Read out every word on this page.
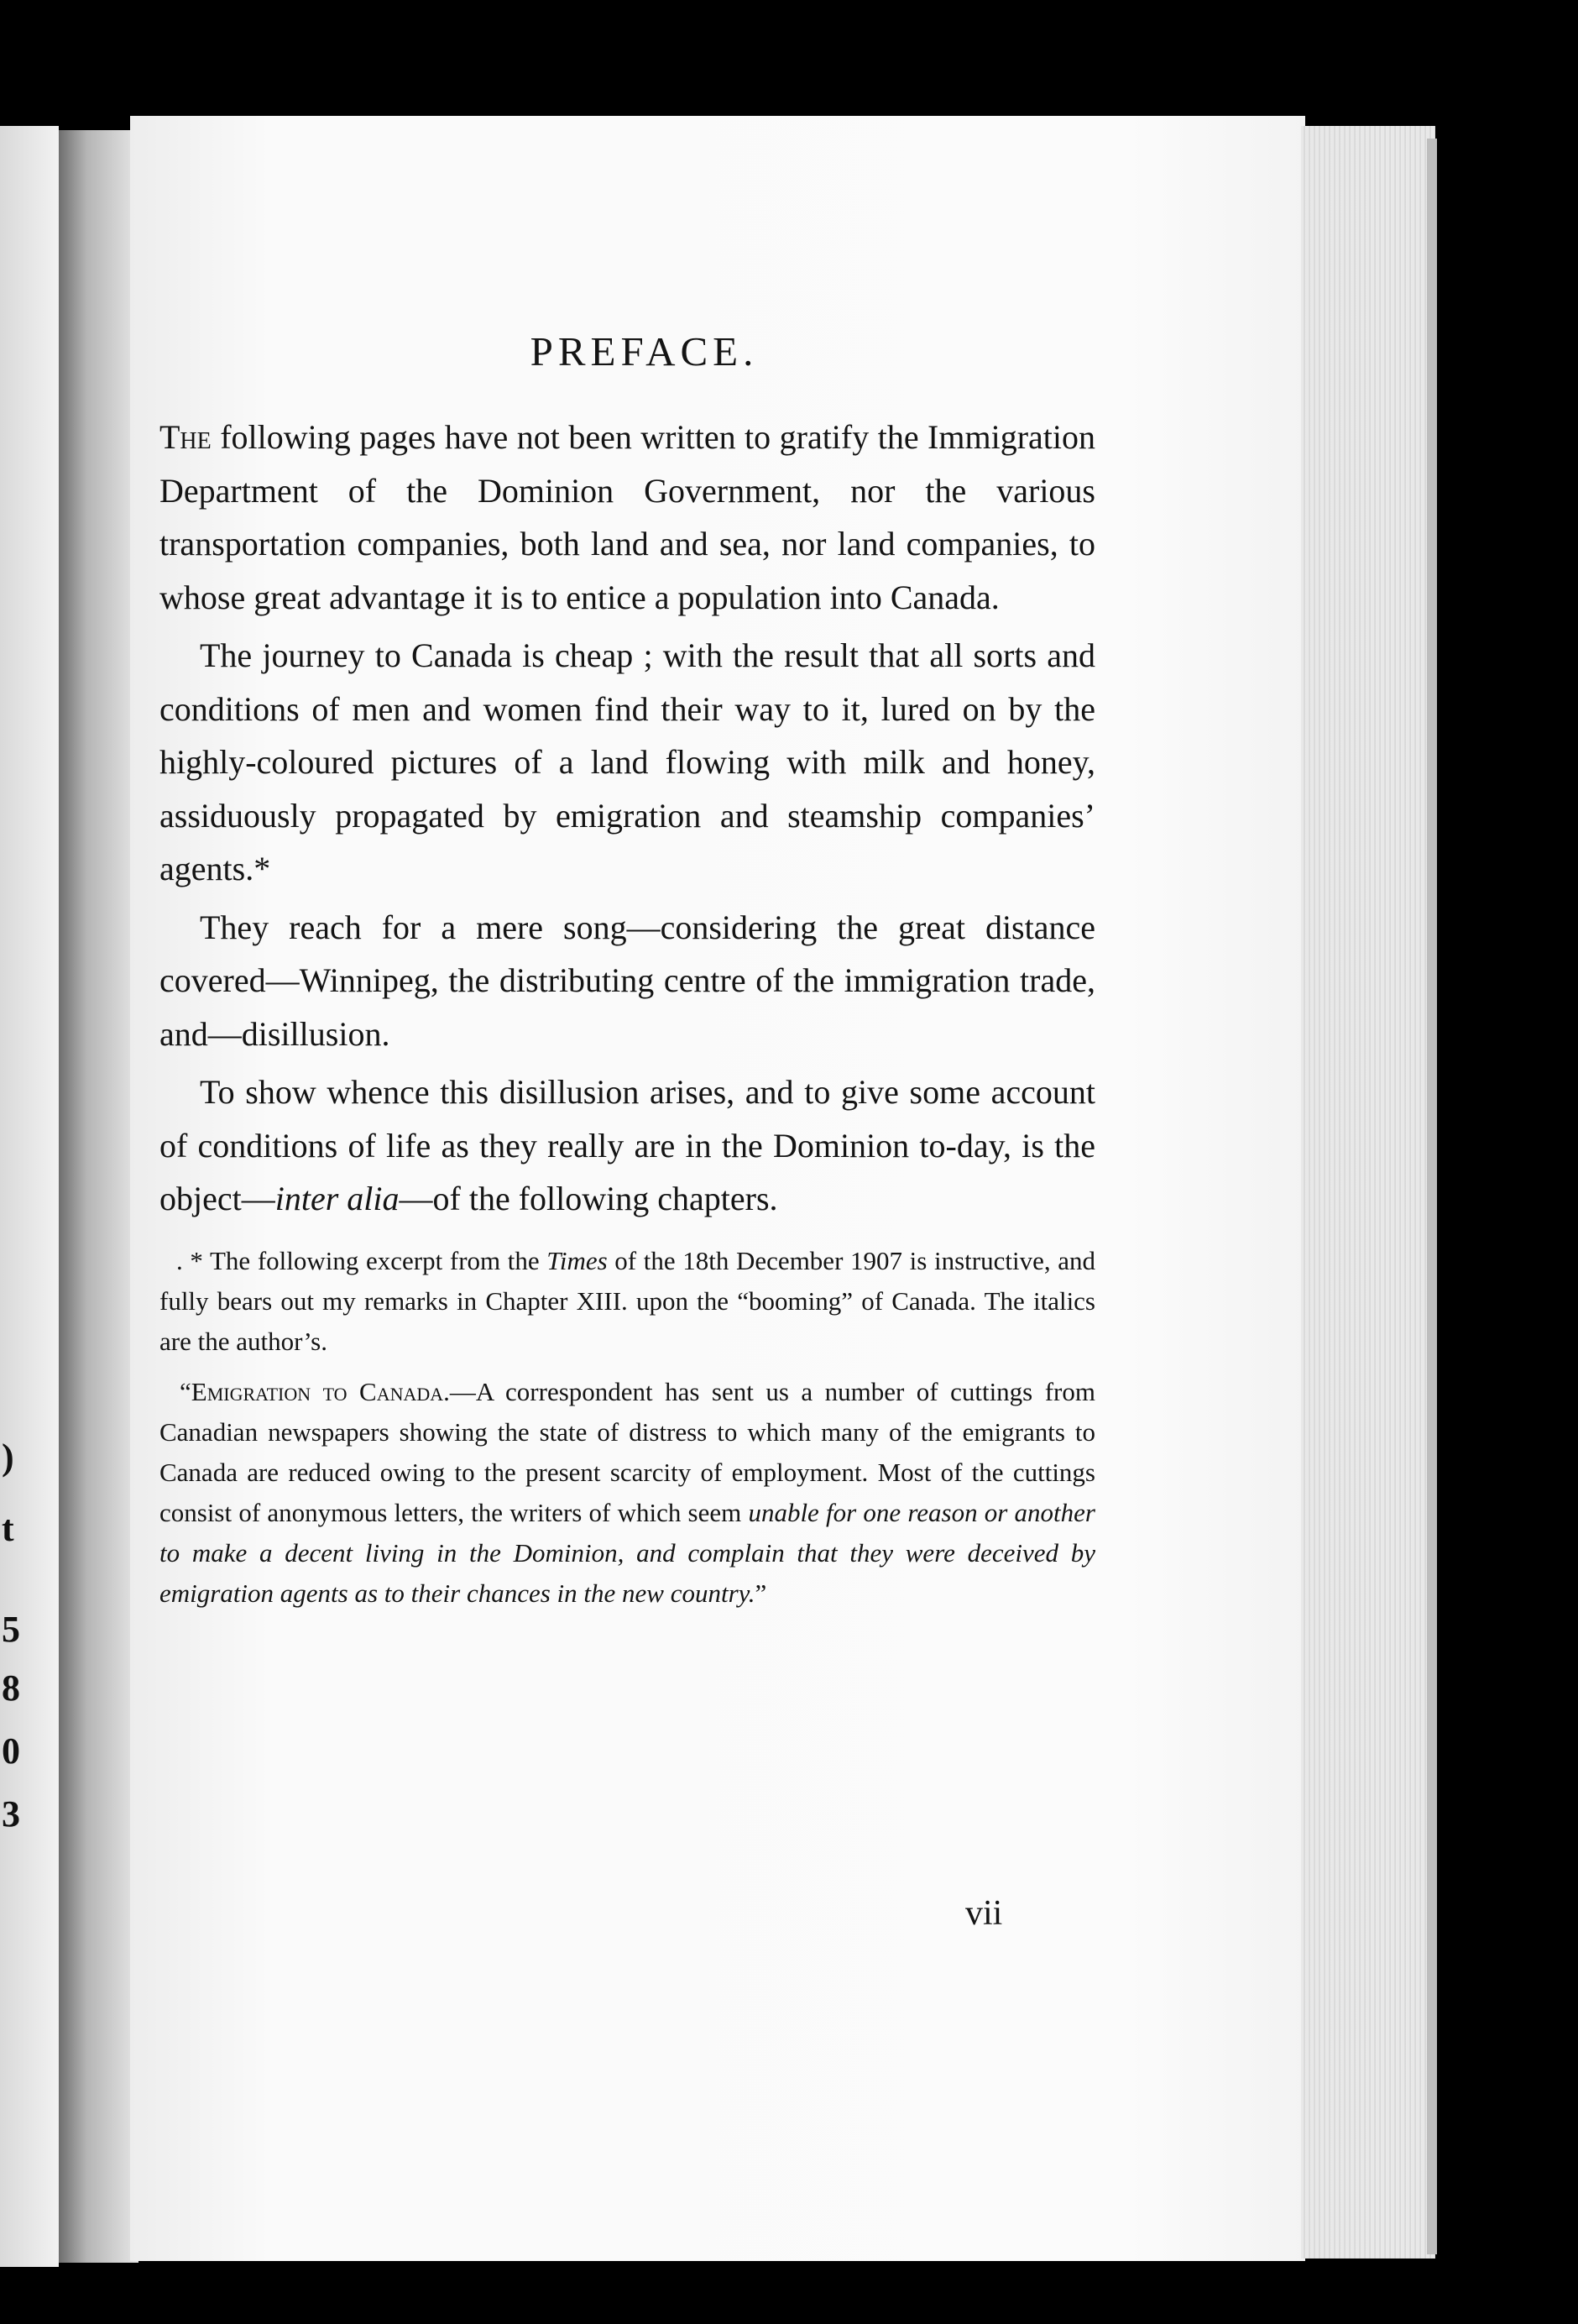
)
t
5
8
0
3
PREFACE.

The following pages have not been written to gratify the Immigration Department of the Dominion Government, nor the various transportation companies, both land and sea, nor land companies, to whose great advantage it is to entice a population into Canada.

The journey to Canada is cheap ; with the result that all sorts and conditions of men and women find their way to it, lured on by the highly-coloured pictures of a land flowing with milk and honey, assiduously propagated by emigration and steamship companies’ agents.*

They reach for a mere song—considering the great distance covered—Winnipeg, the distributing centre of the immigration trade, and—disillusion.

To show whence this disillusion arises, and to give some account of conditions of life as they really are in the Dominion to-day, is the object—inter alia—of the following chapters.

. * The following excerpt from the Times of the 18th December 1907 is instructive, and fully bears out my remarks in Chapter XIII. upon the “booming” of Canada. The italics are the author’s.

“Emigration to Canada.—A correspondent has sent us a number of cuttings from Canadian newspapers showing the state of distress to which many of the emigrants to Canada are reduced owing to the present scarcity of employment. Most of the cuttings consist of anonymous letters, the writers of which seem unable for one reason or another to make a decent living in the Dominion, and complain that they were deceived by emigration agents as to their chances in the new country.”

vii
